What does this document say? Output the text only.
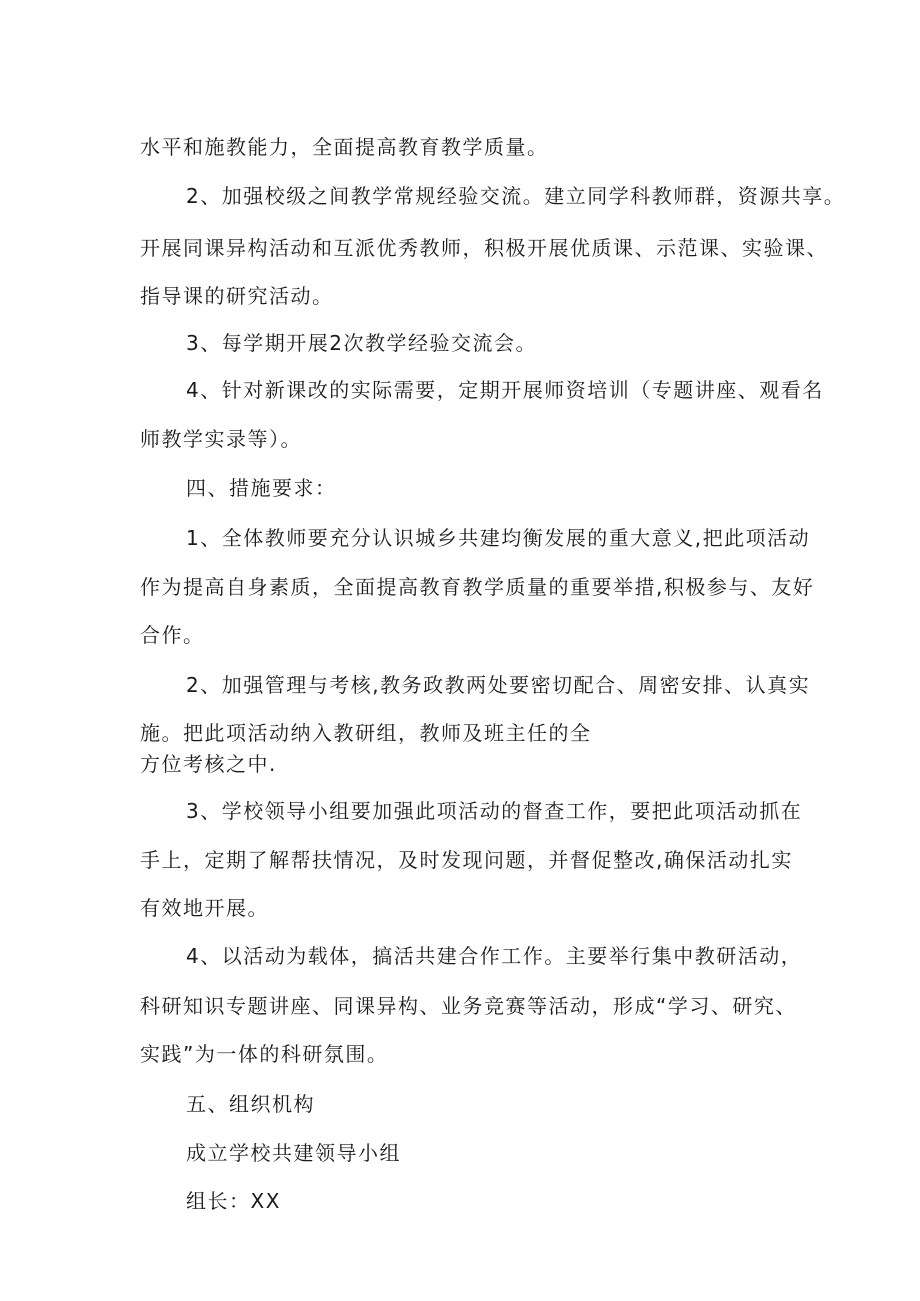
水平和施教能力，全面提高教育教学质量。
2、加强校级之间教学常规经验交流。建立同学科教师群，资源共享。
开展同课异构活动和互派优秀教师，积极开展优质课、示范课、实验课、
指导课的研究活动。
3、每学期开展2次教学经验交流会。
4、针对新课改的实际需要，定期开展师资培训（专题讲座、观看名
师教学实录等）。
四、措施要求：
1、全体教师要充分认识城乡共建均衡发展的重大意义,把此项活动
作为提高自身素质，全面提高教育教学质量的重要举措,积极参与、友好
合作。
2、加强管理与考核,教务政教两处要密切配合、周密安排、认真实
施。把此项活动纳入教研组，教师及班主任的全
方位考核之中.
3、学校领导小组要加强此项活动的督查工作，要把此项活动抓在
手上，定期了解帮扶情况，及时发现问题，并督促整改,确保活动扎实
有效地开展。
4、以活动为载体，搞活共建合作工作。主要举行集中教研活动，
科研知识专题讲座、同课异构、业务竞赛等活动，形成“学习、研究、
实践”为一体的科研氛围。
五、组织机构
成立学校共建领导小组
组长：XX
